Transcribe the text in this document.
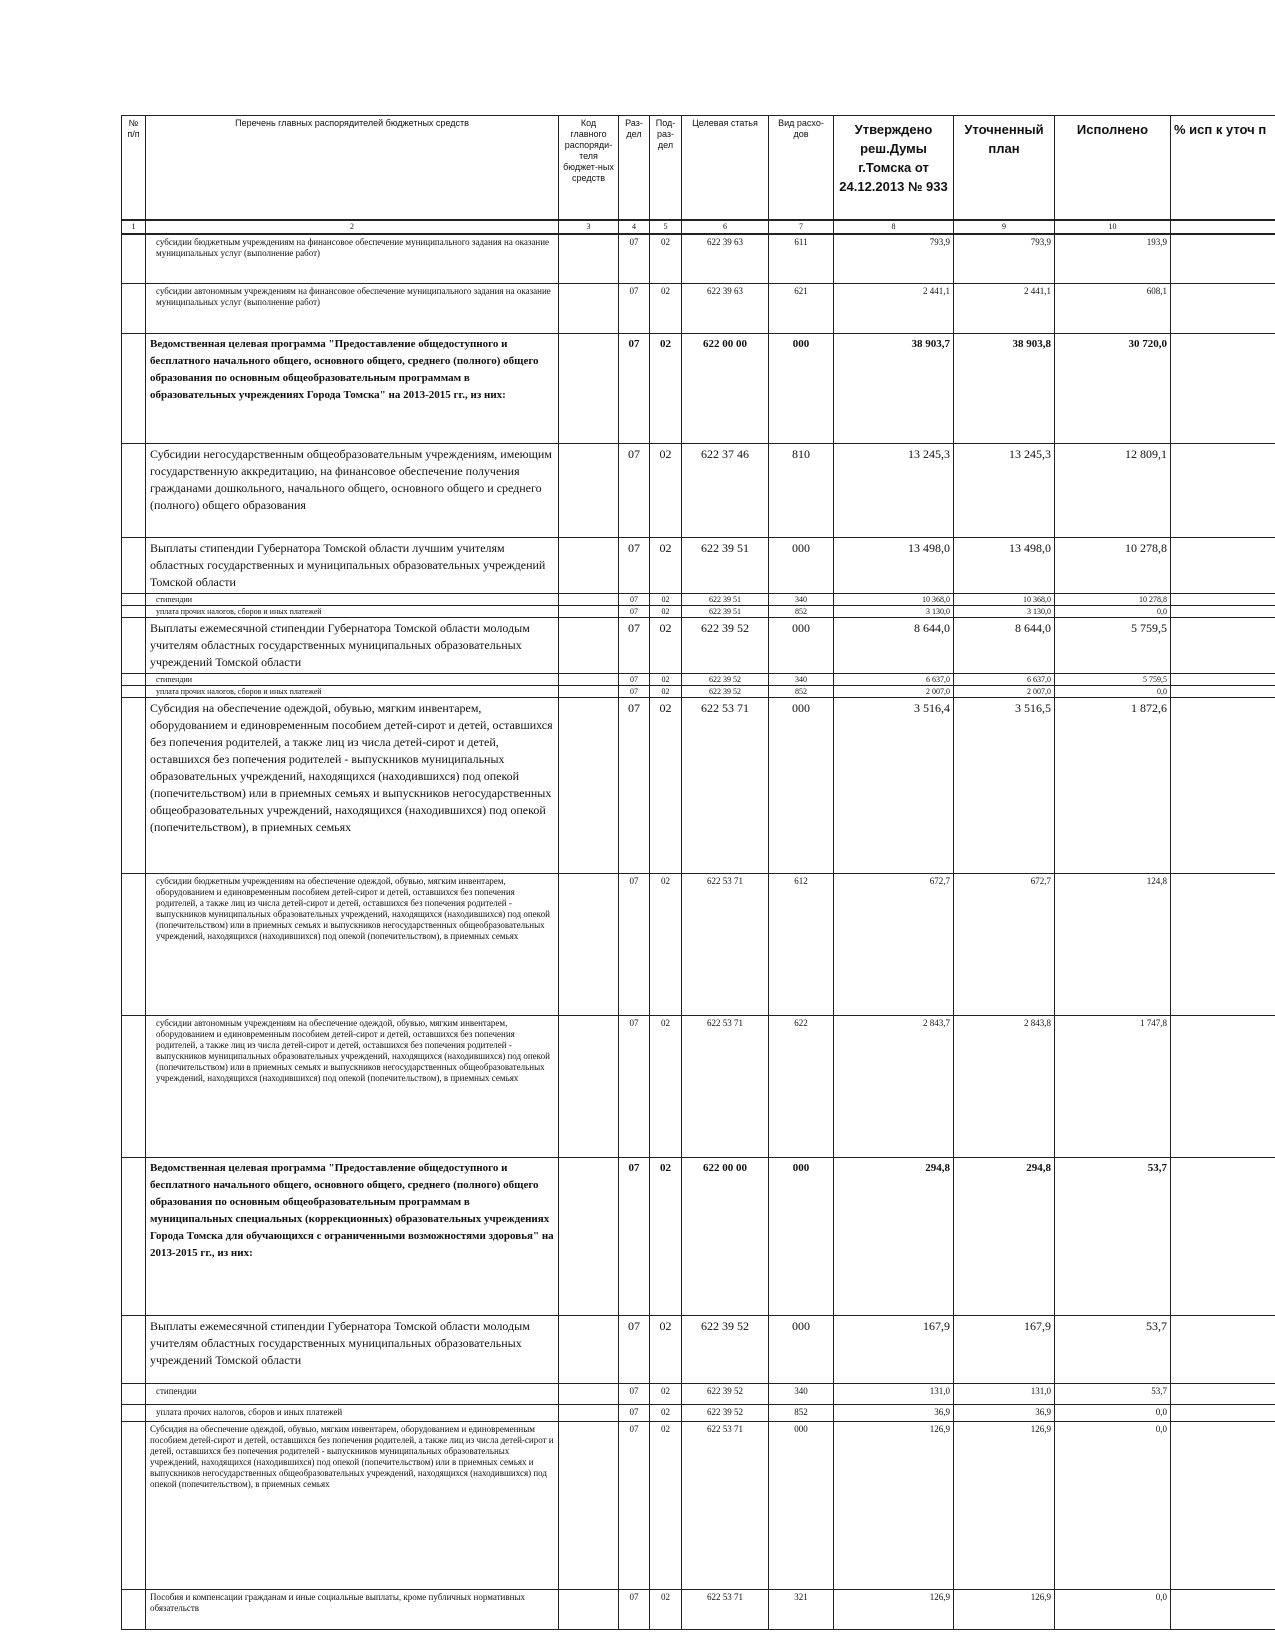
№ п/п	Перечень главных распорядителей бюджетных средств	Код главного распоряди-теля бюджет-ных средств	Раз-дел	Под-раз-дел	Целевая статья	Вид расхо-дов	Утверждено реш.Думы г.Томска от 24.12.2013 № 933	Уточненный план	Исполнено	% исп к уточ п
1	2	3	4	5	6	7	8	9	10	
	субсидии бюджетным учреждениям на финансовое обеспечение муниципального задания на оказание муниципальных услуг (выполнение работ)		07	02	622 39 63	611	793,9	793,9	193,9	
	субсидии автономным учреждениям на финансовое обеспечение муниципального задания на оказание муниципальных услуг (выполнение работ)		07	02	622 39 63	621	2 441,1	2 441,1	608,1	
	Ведомственная целевая программа "Предоставление общедоступного и бесплатного начального общего, основного общего, среднего (полного) общего образования по основным общеобразовательным программам в образовательных учреждениях Города Томска" на 2013-2015 гг., из них:		07	02	622 00 00	000	38 903,7	38 903,8	30 720,0	
	Субсидии негосударственным общеобразовательным учреждениям, имеющим государственную аккредитацию, на финансовое обеспечение получения гражданами дошкольного, начального общего, основного общего и среднего (полного) общего образования		07	02	622 37 46	810	13 245,3	13 245,3	12 809,1	
	Выплаты стипендии Губернатора Томской области лучшим учителям областных государственных и муниципальных образовательных учреждений Томской области		07	02	622 39 51	000	13 498,0	13 498,0	10 278,8	
	стипендии		07	02	622 39 51	340	10 368,0	10 368,0	10 278,8	
	уплата прочих налогов, сборов и иных платежей		07	02	622 39 51	852	3 130,0	3 130,0	0,0	
	Выплаты ежемесячной стипендии Губернатора Томской области молодым учителям областных государственных муниципальных образовательных учреждений Томской области		07	02	622 39 52	000	8 644,0	8 644,0	5 759,5	
	стипендии		07	02	622 39 52	340	6 637,0	6 637,0	5 759,5	
	уплата прочих налогов, сборов и иных платежей		07	02	622 39 52	852	2 007,0	2 007,0	0,0	
	Субсидия на обеспечение одеждой, обувью, мягким инвентарем, оборудованием и единовременным пособием детей-сирот и детей, оставшихся без попечения родителей, а также лиц из числа детей-сирот и детей, оставшихся без попечения родителей - выпускников муниципальных образовательных учреждений, находящихся (находившихся) под опекой (попечительством) или в приемных семьях и выпускников негосударственных общеобразовательных учреждений, находящихся (находившихся) под опекой (попечительством), в приемных семьях		07	02	622 53 71	000	3 516,4	3 516,5	1 872,6	
	субсидии бюджетным учреждениям на обеспечение одеждой, обувью, мягким инвентарем, оборудованием и единовременным пособием детей-сирот и детей, оставшихся без попечения родителей, а также лиц из числа детей-сирот и детей, оставшихся без попечения родителей - выпускников муниципальных образовательных учреждений, находящихся (находившихся) под опекой (попечительством) или в приемных семьях и выпускников негосударственных общеобразовательных учреждений, находящихся (находившихся) под опекой (попечительством), в приемных семьях		07	02	622 53 71	612	672,7	672,7	124,8	
	субсидии автономным учреждениям на обеспечение одеждой, обувью, мягким инвентарем, оборудованием и единовременным пособием детей-сирот и детей, оставшихся без попечения родителей, а также лиц из числа детей-сирот и детей, оставшихся без попечения родителей - выпускников муниципальных образовательных учреждений, находящихся (находившихся) под опекой (попечительством) или в приемных семьях и выпускников негосударственных общеобразовательных учреждений, находящихся (находившихся) под опекой (попечительством), в приемных семьях		07	02	622 53 71	622	2 843,7	2 843,8	1 747,8	
	Ведомственная целевая программа "Предоставление общедоступного и бесплатного начального общего, основного общего, среднего (полного) общего образования по основным общеобразовательным программам в муниципальных специальных (коррекционных) образовательных учреждениях Города Томска для обучающихся с ограниченными возможностями здоровья" на 2013-2015 гг., из них:		07	02	622 00 00	000	294,8	294,8	53,7	
	Выплаты ежемесячной стипендии Губернатора Томской области молодым учителям областных государственных муниципальных образовательных учреждений Томской области		07	02	622 39 52	000	167,9	167,9	53,7	
	стипендии		07	02	622 39 52	340	131,0	131,0	53,7	
	уплата прочих налогов, сборов и иных платежей		07	02	622 39 52	852	36,9	36,9	0,0	
	Субсидия на обеспечение одеждой, обувью, мягким инвентарем, оборудованием и единовременным пособием детей-сирот и детей, оставшихся без попечения родителей, а также лиц из числа детей-сирот и детей, оставшихся без попечения родителей - выпускников муниципальных образовательных учреждений, находящихся (находившихся) под опекой (попечительством) или в приемных семьях и выпускников негосударственных общеобразовательных учреждений, находящихся (находившихся) под опекой (попечительством), в приемных семьях		07	02	622 53 71	000	126,9	126,9	0,0	
	Пособия и компенсации гражданам и иные социальные выплаты, кроме публичных нормативных обязательств		07	02	622 53 71	321	126,9	126,9	0,0	
